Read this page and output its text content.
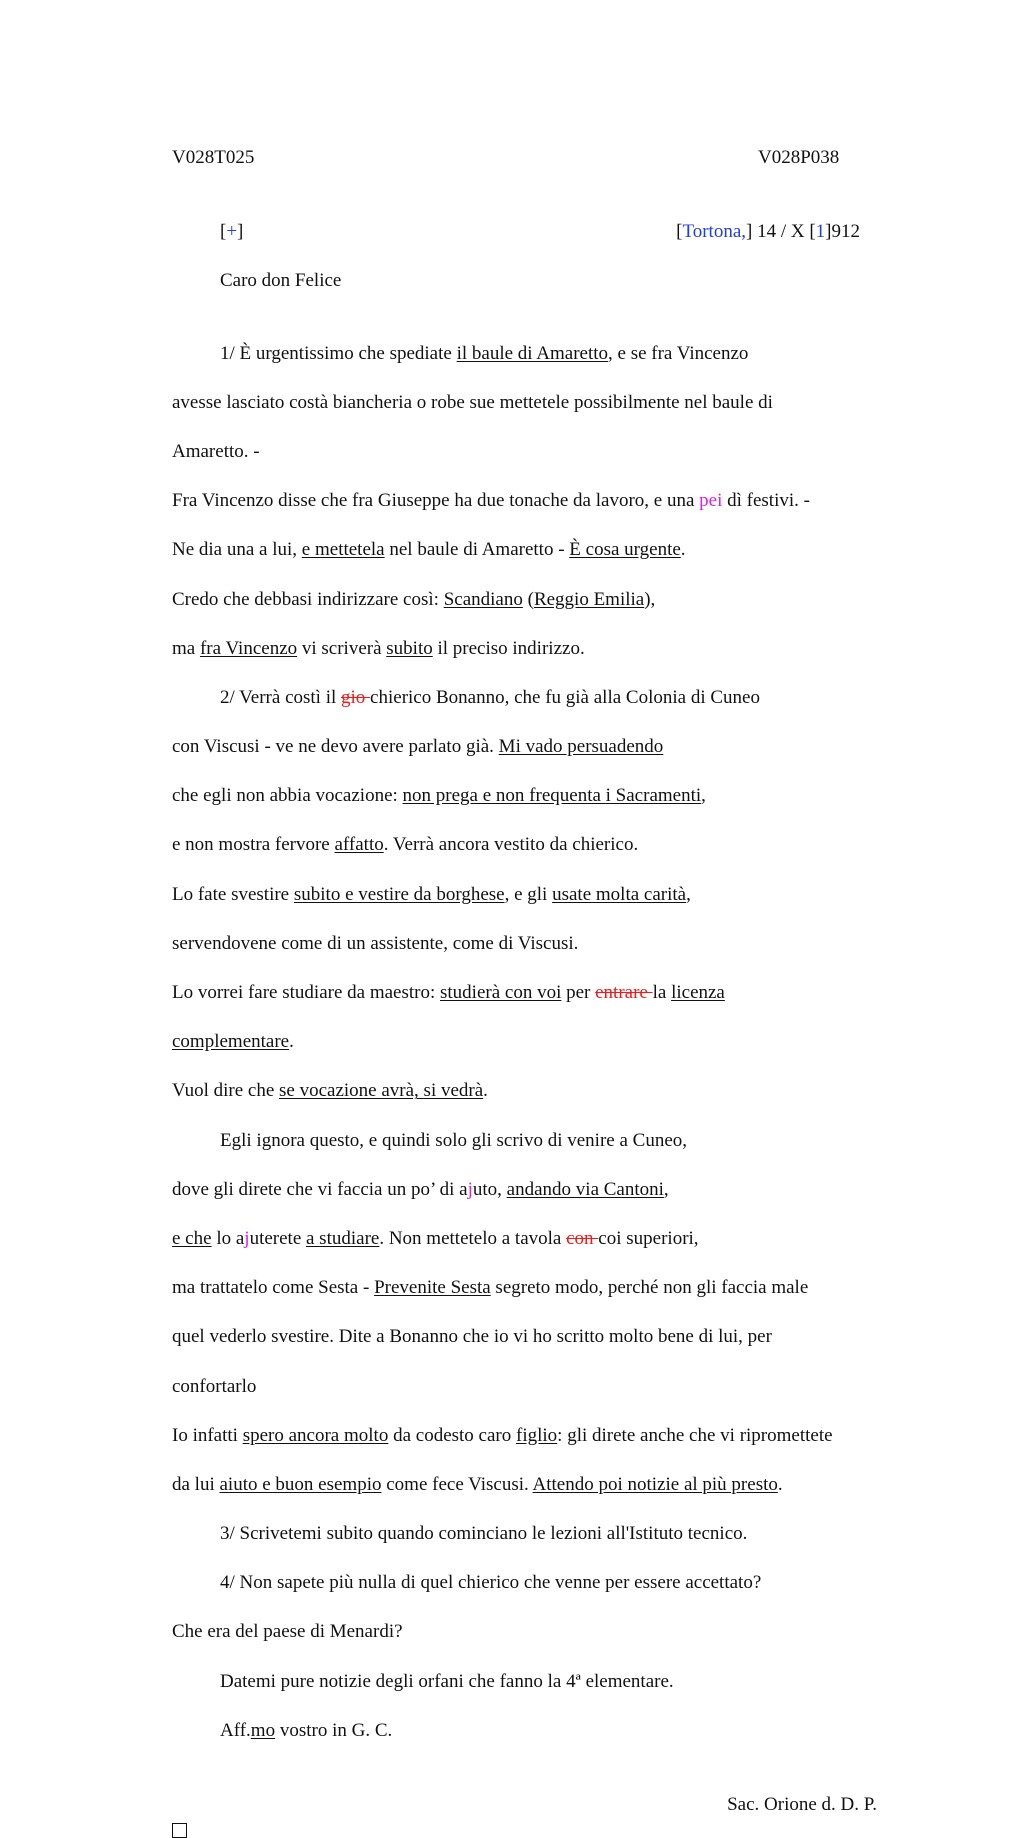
V028T025	V028P038
[+]	[Tortona,] 14 / X [1]912
Caro don Felice

1/ È urgentissimo che spediate il baule di Amaretto, e se fra Vincenzo

avesse lasciato costà biancheria o robe sue mettetele possibilmente nel baule di

Amaretto. -

Fra Vincenzo disse che fra Giuseppe ha due tonache da lavoro, e una pei dì festivi. -

Ne dia una a lui, e mettetela nel baule di Amaretto - È cosa urgente.

Credo che debbasi indirizzare così: Scandiano (Reggio Emilia),

ma fra Vincenzo vi scriverà subito il preciso indirizzo.

2/ Verrà costì il gio chierico Bonanno, che fu già alla Colonia di Cuneo

con Viscusi - ve ne devo avere parlato già. Mi vado persuadendo

che egli non abbia vocazione: non prega e non frequenta i Sacramenti,

e non mostra fervore affatto. Verrà ancora vestito da chierico.

Lo fate svestire subito e vestire da borghese, e gli usate molta carità,

servendovene come di un assistente, come di Viscusi.

Lo vorrei fare studiare da maestro: studierà con voi per entrare la licenza

complementare.

Vuol dire che se vocazione avrà, si vedrà.

Egli ignora questo, e quindi solo gli scrivo di venire a Cuneo,

dove gli direte che vi faccia un po’ di ajuto, andando via Cantoni,

e che lo ajuterete a studiare. Non mettetelo a tavola con coi superiori,

ma trattatelo come Sesta - Prevenite Sesta segreto modo, perché non gli faccia male

quel vederlo svestire. Dite a Bonanno che io vi ho scritto molto bene di lui, per

confortarlo

Io infatti spero ancora molto da codesto caro figlio: gli direte anche che vi ripromettete

da lui aiuto e buon esempio come fece Viscusi. Attendo poi notizie al più presto.

3/ Scrivetemi subito quando cominciano le lezioni all'Istituto tecnico.

4/ Non sapete più nulla di quel chierico che venne per essere accettato?

Che era del paese di Menardi?

Datemi pure notizie degli orfani che fanno la 4ª elementare.

Aff.mo vostro in G. C.

Sac. Orione d. D. P.
